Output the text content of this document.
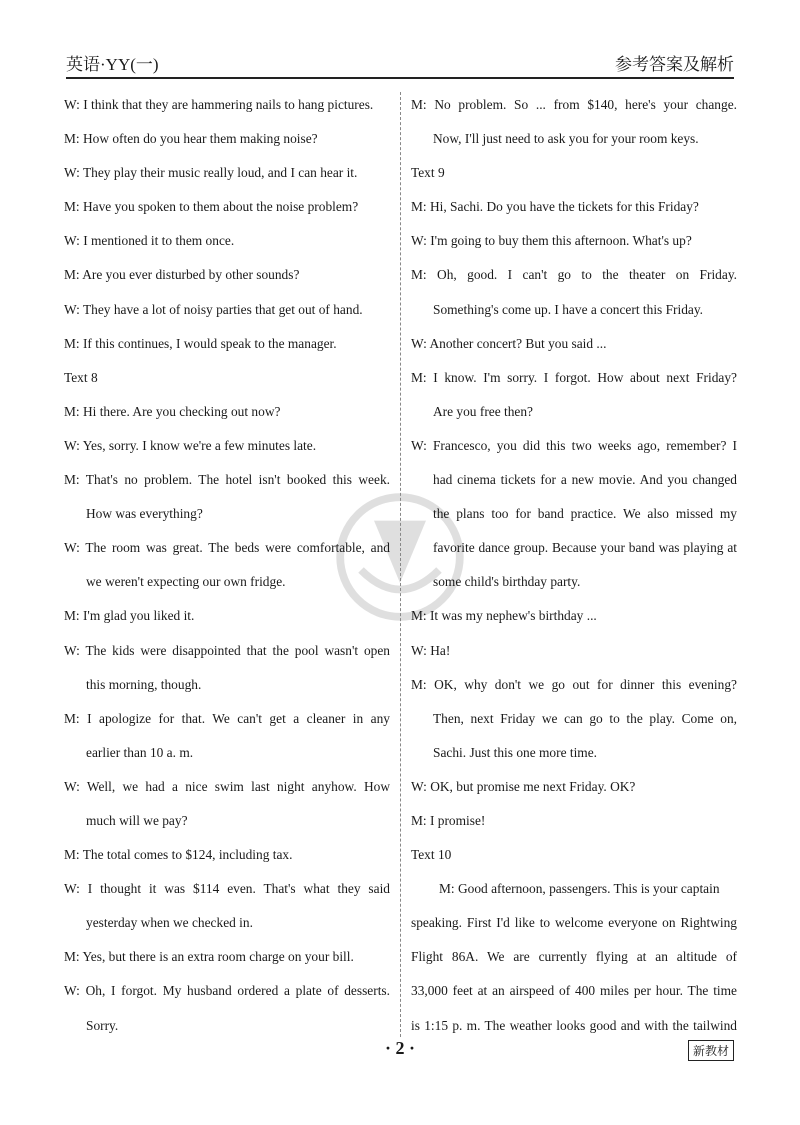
英语·YY(一)	参考答案及解析
W: I think that they are hammering nails to hang pictures.
M: How often do you hear them making noise?
W: They play their music really loud, and I can hear it.
M: Have you spoken to them about the noise problem?
W: I mentioned it to them once.
M: Are you ever disturbed by other sounds?
W: They have a lot of noisy parties that get out of hand.
M: If this continues, I would speak to the manager.
Text 8
M: Hi there. Are you checking out now?
W: Yes, sorry. I know we're a few minutes late.
M: That's no problem. The hotel isn't booked this week.
How was everything?
W: The room was great. The beds were comfortable, and
we weren't expecting our own fridge.
M: I'm glad you liked it.
W: The kids were disappointed that the pool wasn't open
this morning, though.
M: I apologize for that. We can't get a cleaner in any
earlier than 10 a. m.
W: Well, we had a nice swim last night anyhow. How
much will we pay?
M: The total comes to $124, including tax.
W: I thought it was $114 even. That's what they said
yesterday when we checked in.
M: Yes, but there is an extra room charge on your bill.
W: Oh, I forgot. My husband ordered a plate of desserts.
Sorry.
M: No problem. So ... from $140, here's your change.
Now, I'll just need to ask you for your room keys.
Text 9
M: Hi, Sachi. Do you have the tickets for this Friday?
W: I'm going to buy them this afternoon. What's up?
M: Oh, good. I can't go to the theater on Friday.
Something's come up. I have a concert this Friday.
W: Another concert? But you said ...
M: I know. I'm sorry. I forgot. How about next Friday?
Are you free then?
W: Francesco, you did this two weeks ago, remember? I
had cinema tickets for a new movie. And you changed
the plans too for band practice. We also missed my
favorite dance group. Because your band was playing at
some child's birthday party.
M: It was my nephew's birthday ...
W: Ha!
M: OK, why don't we go out for dinner this evening?
Then, next Friday we can go to the play. Come on,
Sachi. Just this one more time.
W: OK, but promise me next Friday. OK?
M: I promise!
Text 10
M: Good afternoon, passengers. This is your captain
speaking. First I'd like to welcome everyone on Rightwing
Flight 86A. We are currently flying at an altitude of
33,000 feet at an airspeed of 400 miles per hour. The time
is 1:15 p. m. The weather looks good and with the tailwind
· 2 ·	新教材
